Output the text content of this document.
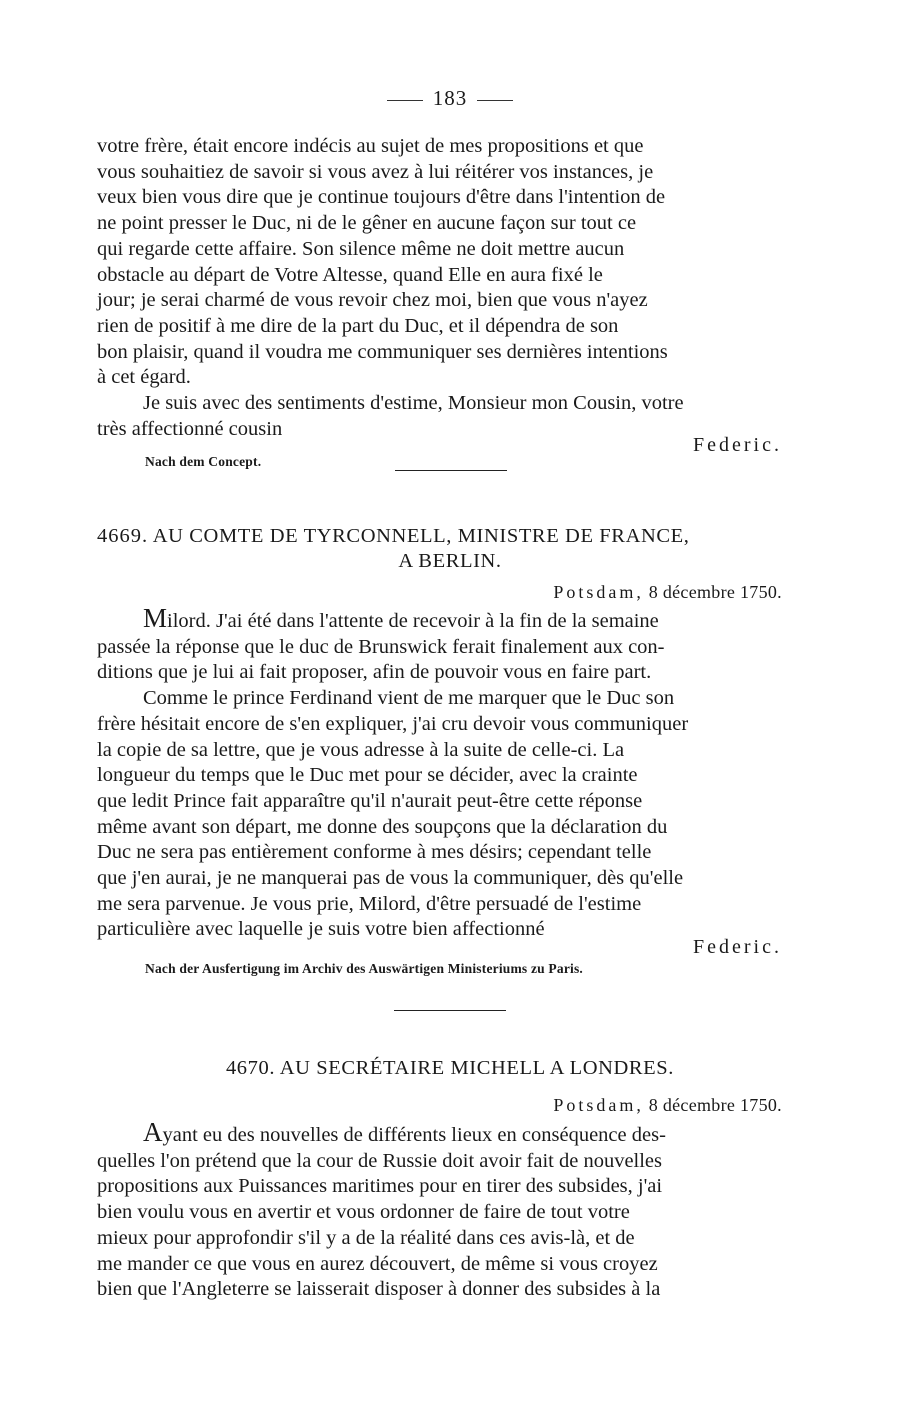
183

votre frère, était encore indécis au sujet de mes propositions et que
vous souhaitiez de savoir si vous avez à lui réitérer vos instances, je
veux bien vous dire que je continue toujours d'être dans l'intention de
ne point presser le Duc, ni de le gêner en aucune façon sur tout ce
qui regarde cette affaire. Son silence même ne doit mettre aucun
obstacle au départ de Votre Altesse, quand Elle en aura fixé le
jour; je serai charmé de vous revoir chez moi, bien que vous n'ayez
rien de positif à me dire de la part du Duc, et il dépendra de son
bon plaisir, quand il voudra me communiquer ses dernières intentions
à cet égard.

Je suis avec des sentiments d'estime, Monsieur mon Cousin, votre

très affectionné cousin

Federic.
Nach dem Concept.
4669. AU COMTE DE TYRCONNELL, MINISTRE DE FRANCE,
A BERLIN.
Potsdam, 8 décembre 1750.

Milord. J'ai été dans l'attente de recevoir à la fin de la semaine
passée la réponse que le duc de Brunswick ferait finalement aux con-
ditions que je lui ai fait proposer, afin de pouvoir vous en faire part.

Comme le prince Ferdinand vient de me marquer que le Duc son
frère hésitait encore de s'en expliquer, j'ai cru devoir vous communiquer
la copie de sa lettre, que je vous adresse à la suite de celle-ci. La
longueur du temps que le Duc met pour se décider, avec la crainte
que ledit Prince fait apparaître qu'il n'aurait peut-être cette réponse
même avant son départ, me donne des soupçons que la déclaration du
Duc ne sera pas entièrement conforme à mes désirs; cependant telle
que j'en aurai, je ne manquerai pas de vous la communiquer, dès qu'elle
me sera parvenue. Je vous prie, Milord, d'être persuadé de l'estime
particulière avec laquelle je suis votre bien affectionné

Federic.
Nach der Ausfertigung im Archiv des Auswärtigen Ministeriums zu Paris.
4670. AU SECRÉTAIRE MICHELL A LONDRES.
Potsdam, 8 décembre 1750.

Ayant eu des nouvelles de différents lieux en conséquence des-
quelles l'on prétend que la cour de Russie doit avoir fait de nouvelles
propositions aux Puissances maritimes pour en tirer des subsides, j'ai
bien voulu vous en avertir et vous ordonner de faire de tout votre
mieux pour approfondir s'il y a de la réalité dans ces avis-là, et de
me mander ce que vous en aurez découvert, de même si vous croyez
bien que l'Angleterre se laisserait disposer à donner des subsides à la
